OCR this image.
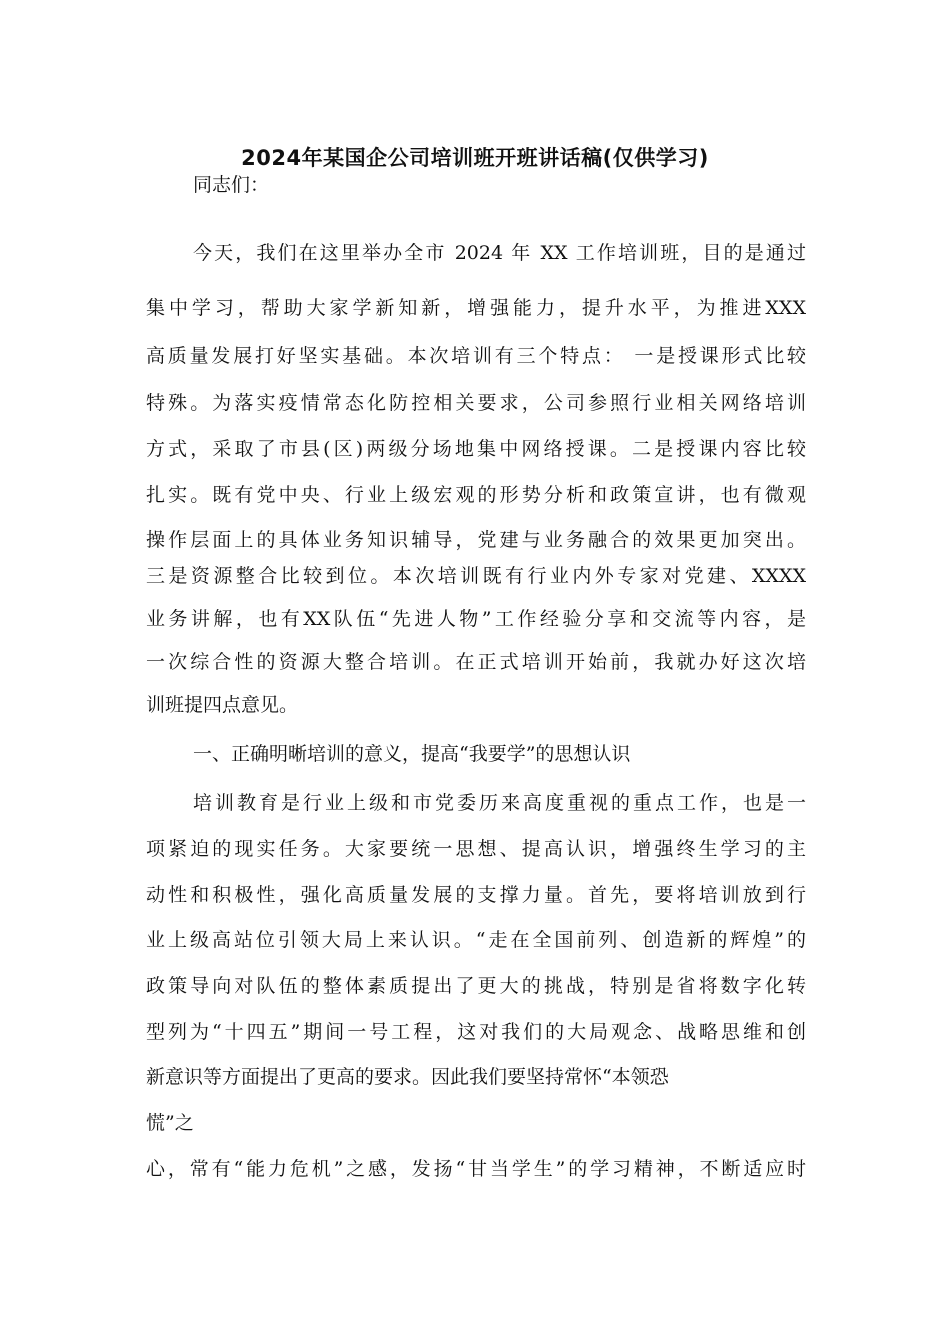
2024年某国企公司培训班开班讲话稿(仅供学习)
同志们：
今天，我们在这里举办全市 2024 年 XX 工作培训班，目的是通过
集中学习，帮助大家学新知新，增强能力，提升水平，为推进XXX
高质量发展打好坚实基础。本次培训有三个特点： 一是授课形式比较
特殊。为落实疫情常态化防控相关要求，公司参照行业相关网络培训
方式，采取了市县(区)两级分场地集中网络授课。二是授课内容比较
扎实。既有党中央、行业上级宏观的形势分析和政策宣讲，也有微观
操作层面上的具体业务知识辅导，党建与业务融合的效果更加突出。
三是资源整合比较到位。本次培训既有行业内外专家对党建、XXXX
业务讲解，也有XX队伍“先进人物”工作经验分享和交流等内容，是
一次综合性的资源大整合培训。在正式培训开始前，我就办好这次培
训班提四点意见。
一、正确明晰培训的意义，提高“我要学”的思想认识
培训教育是行业上级和市党委历来高度重视的重点工作，也是一
项紧迫的现实任务。大家要统一思想、提高认识，增强终生学习的主
动性和积极性，强化高质量发展的支撑力量。首先，要将培训放到行
业上级高站位引领大局上来认识。“走在全国前列、创造新的辉煌”的
政策导向对队伍的整体素质提出了更大的挑战，特别是省将数字化转
型列为“十四五”期间一号工程，这对我们的大局观念、战略思维和创
新意识等方面提出了更高的要求。因此我们要坚持常怀“本领恐
慌”之
心，常有“能力危机”之感，发扬“甘当学生”的学习精神，不断适应时
